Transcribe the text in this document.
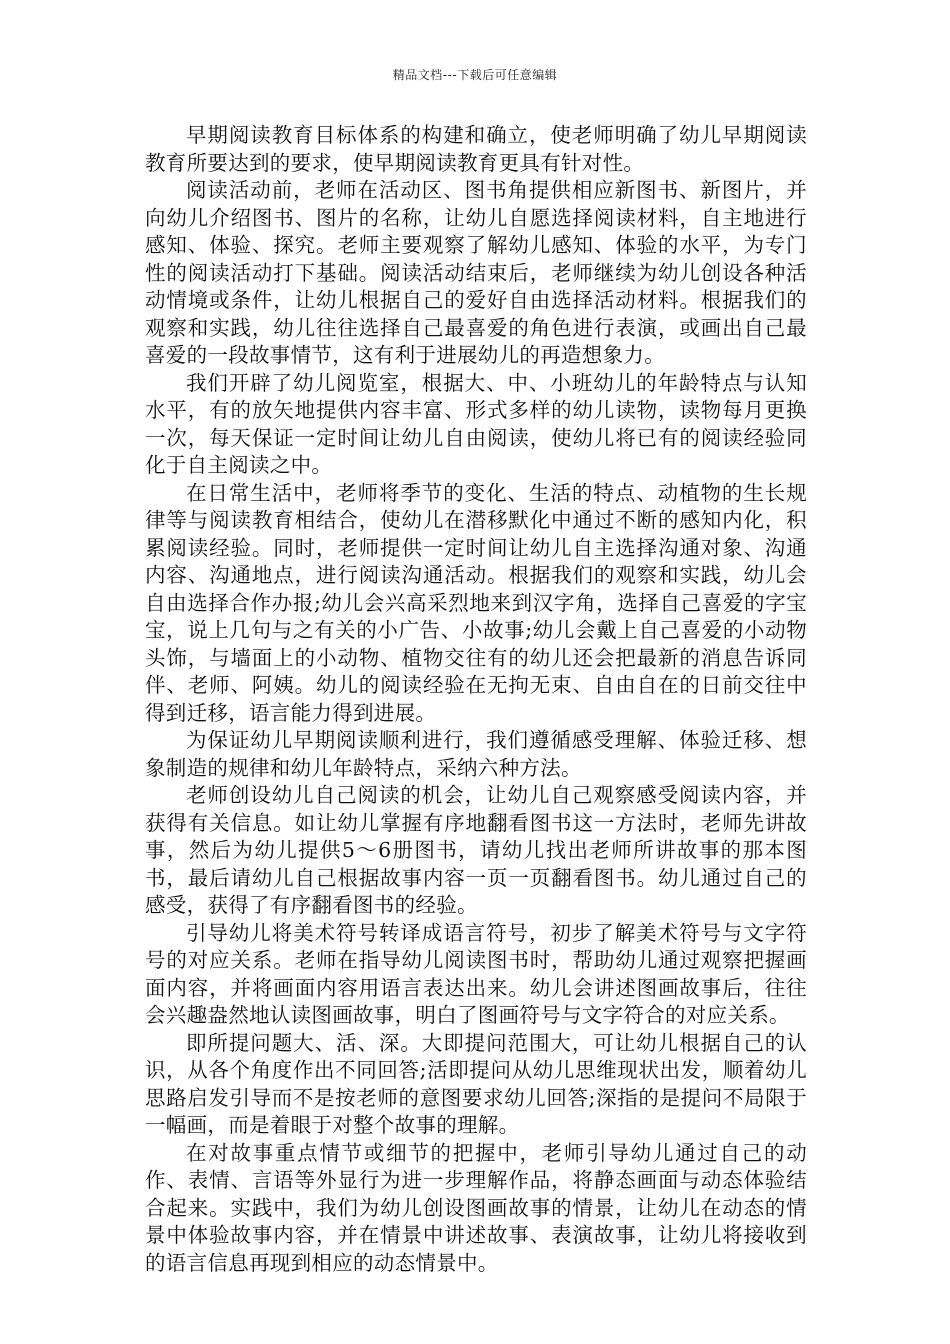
精品文档---下载后可任意编辑

早期阅读教育目标体系的构建和确立，使老师明确了幼儿早期阅读教育所要达到的要求，使早期阅读教育更具有针对性。

阅读活动前，老师在活动区、图书角提供相应新图书、新图片，并向幼儿介绍图书、图片的名称，让幼儿自愿选择阅读材料，自主地进行感知、体验、探究。老师主要观察了解幼儿感知、体验的水平，为专门性的阅读活动打下基础。阅读活动结束后，老师继续为幼儿创设各种活动情境或条件，让幼儿根据自己的爱好自由选择活动材料。根据我们的观察和实践，幼儿往往选择自己最喜爱的角色进行表演，或画出自己最喜爱的一段故事情节，这有利于进展幼儿的再造想象力。

我们开辟了幼儿阅览室，根据大、中、小班幼儿的年龄特点与认知水平，有的放矢地提供内容丰富、形式多样的幼儿读物，读物每月更换一次，每天保证一定时间让幼儿自由阅读，使幼儿将已有的阅读经验同化于自主阅读之中。

在日常生活中，老师将季节的变化、生活的特点、动植物的生长规律等与阅读教育相结合，使幼儿在潜移默化中通过不断的感知内化，积累阅读经验。同时，老师提供一定时间让幼儿自主选择沟通对象、沟通内容、沟通地点，进行阅读沟通活动。根据我们的观察和实践，幼儿会自由选择合作办报;幼儿会兴高采烈地来到汉字角，选择自己喜爱的字宝宝，说上几句与之有关的小广告、小故事;幼儿会戴上自己喜爱的小动物头饰，与墙面上的小动物、植物交往有的幼儿还会把最新的消息告诉同伴、老师、阿姨。幼儿的阅读经验在无拘无束、自由自在的日前交往中得到迁移，语言能力得到进展。

为保证幼儿早期阅读顺利进行，我们遵循感受理解、体验迁移、想象制造的规律和幼儿年龄特点，采纳六种方法。

老师创设幼儿自己阅读的机会，让幼儿自己观察感受阅读内容，并获得有关信息。如让幼儿掌握有序地翻看图书这一方法时，老师先讲故事，然后为幼儿提供5～6册图书，请幼儿找出老师所讲故事的那本图书，最后请幼儿自己根据故事内容一页一页翻看图书。幼儿通过自己的感受，获得了有序翻看图书的经验。

引导幼儿将美术符号转译成语言符号，初步了解美术符号与文字符号的对应关系。老师在指导幼儿阅读图书时，帮助幼儿通过观察把握画面内容，并将画面内容用语言表达出来。幼儿会讲述图画故事后，往往会兴趣盎然地认读图画故事，明白了图画符号与文字符合的对应关系。

即所提问题大、活、深。大即提问范围大，可让幼儿根据自己的认识，从各个角度作出不同回答;活即提问从幼儿思维现状出发，顺着幼儿思路启发引导而不是按老师的意图要求幼儿回答;深指的是提问不局限于一幅画，而是着眼于对整个故事的理解。

在对故事重点情节或细节的把握中，老师引导幼儿通过自己的动作、表情、言语等外显行为进一步理解作品，将静态画面与动态体验结合起来。实践中，我们为幼儿创设图画故事的情景，让幼儿在动态的情景中体验故事内容，并在情景中讲述故事、表演故事，让幼儿将接收到的语言信息再现到相应的动态情景中。
